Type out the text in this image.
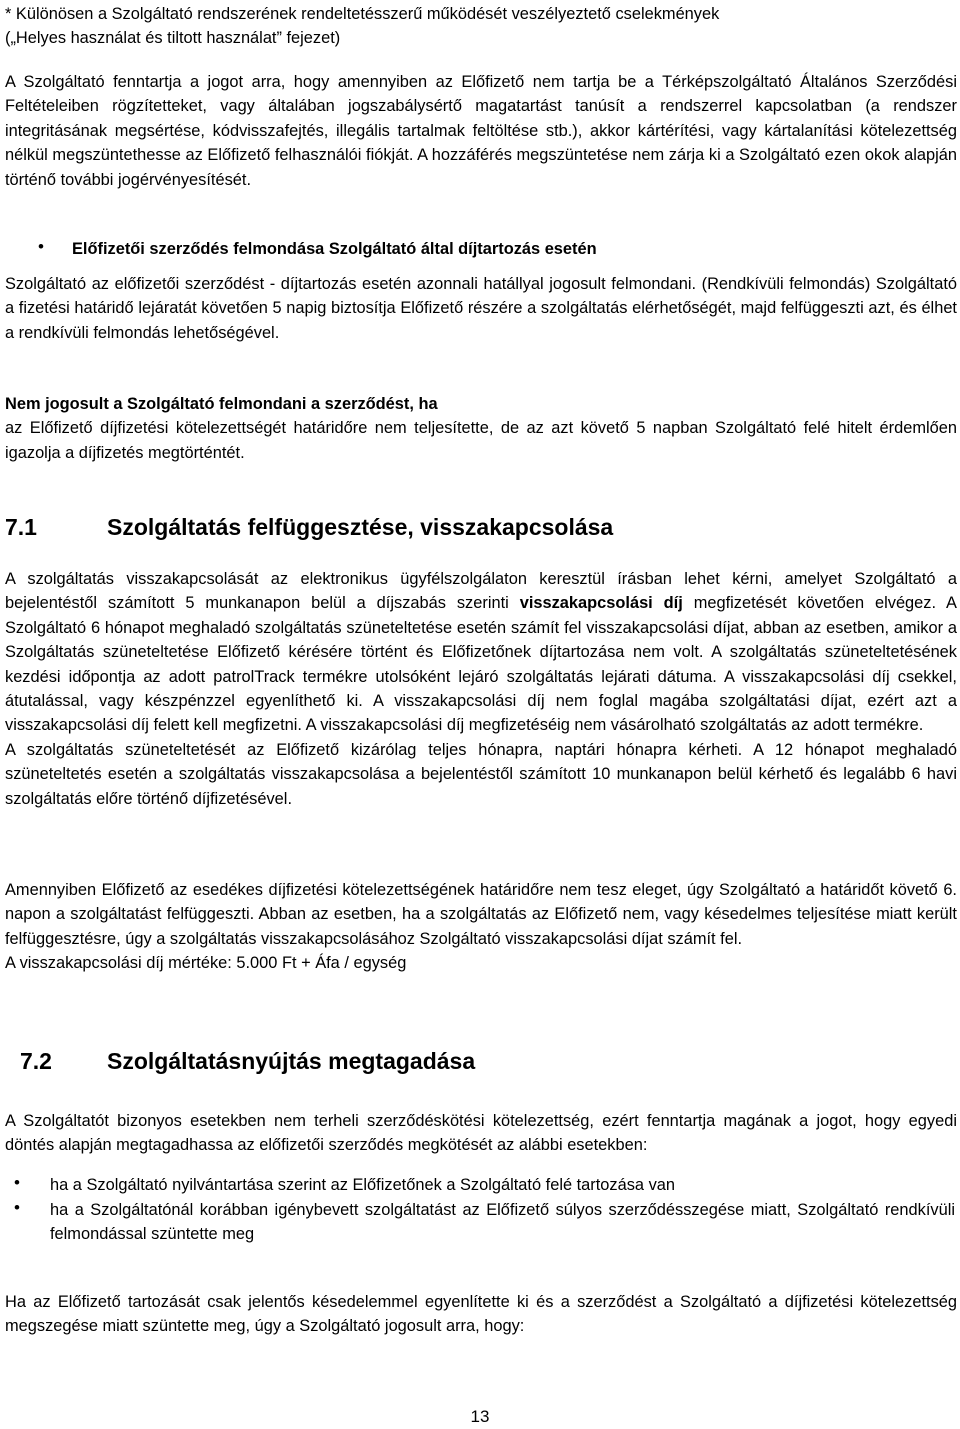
* Különösen a Szolgáltató rendszerének rendeltetésszerű működését veszélyeztető cselekmények

(„Helyes használat és tiltott használat” fejezet)

A Szolgáltató fenntartja a jogot arra, hogy amennyiben az Előfizető nem tartja be a Térképszolgáltató Általános Szerződési Feltételeiben rögzítetteket, vagy általában jogszabálysértő magatartást tanúsít a rendszerrel kapcsolatban (a rendszer integritásának megsértése, kódvisszafejtés, illegális tartalmak feltöltése stb.), akkor kártérítési, vagy kártalanítási kötelezettség nélkül megszüntethesse az Előfizető felhasználói fiókját. A hozzáférés megszüntetése nem zárja ki a Szolgáltató ezen okok alapján történő további jogérvényesítését.

• Előfizetői szerződés felmondása Szolgáltató által díjtartozás esetén

Szolgáltató az előfizetői szerződést - díjtartozás esetén azonnali hatállyal jogosult felmondani. (Rendkívüli felmondás) Szolgáltató a fizetési határidő lejáratát követően 5 napig biztosítja Előfizető részére a szolgáltatás elérhetőségét, majd felfüggeszti azt, és élhet a rendkívüli felmondás lehetőségével.

Nem jogosult a Szolgáltató felmondani a szerződést, ha

az Előfizető díjfizetési kötelezettségét határidőre nem teljesítette, de az azt követő 5 napban Szolgáltató felé hitelt érdemlően igazolja a díjfizetés megtörténtét.

7.1	Szolgáltatás felfüggesztése, visszakapcsolása

A szolgáltatás visszakapcsolását az elektronikus ügyfélszolgálaton keresztül írásban lehet kérni, amelyet Szolgáltató a bejelentéstől számított 5 munkanapon belül a díjszabás szerinti visszakapcsolási díj megfizetését követően elvégez. A Szolgáltató 6 hónapot meghaladó szolgáltatás szüneteltetése esetén számít fel visszakapcsolási díjat, abban az esetben, amikor a Szolgáltatás szüneteltetése Előfizető kérésére történt és Előfizetőnek díjtartozása nem volt. A szolgáltatás szüneteltetésének kezdési időpontja az adott patrolTrack termékre utolsóként lejáró szolgáltatás lejárati dátuma. A visszakapcsolási díj csekkel, átutalással, vagy készpénzzel egyenlíthető ki. A visszakapcsolási díj nem foglal magába szolgáltatási díjat, ezért azt a visszakapcsolási díj felett kell megfizetni. A visszakapcsolási díj megfizetéséig nem vásárolható szolgáltatás az adott termékre.

A szolgáltatás szüneteltetését az Előfizető kizárólag teljes hónapra, naptári hónapra kérheti. A 12 hónapot meghaladó szüneteltetés esetén a szolgáltatás visszakapcsolása a bejelentéstől számított 10 munkanapon belül kérhető és legalább 6 havi szolgáltatás előre történő díjfizetésével.

Amennyiben Előfizető az esedékes díjfizetési kötelezettségének határidőre nem tesz eleget, úgy Szolgáltató a határidőt követő 6. napon a szolgáltatást felfüggeszti. Abban az esetben, ha a szolgáltatás az Előfizető nem, vagy késedelmes teljesítése miatt került felfüggesztésre, úgy a szolgáltatás visszakapcsolásához Szolgáltató visszakapcsolási díjat számít fel.

A visszakapcsolási díj mértéke: 5.000 Ft + Áfa / egység

7.2 Szolgáltatásnyújtás megtagadása

A Szolgáltatót bizonyos esetekben nem terheli szerződéskötési kötelezettség, ezért fenntartja magának a jogot, hogy egyedi döntés alapján megtagadhassa az előfizetői szerződés megkötését az alábbi esetekben:

• ha a Szolgáltató nyilvántartása szerint az Előfizetőnek a Szolgáltató felé tartozása van

• ha a Szolgáltatónál korábban igénybevett szolgáltatást az Előfizető súlyos szerződésszegése miatt, Szolgáltató rendkívüli felmondással szüntette meg

Ha az Előfizető tartozását csak jelentős késedelemmel egyenlítette ki és a szerződést a Szolgáltató a díjfizetési kötelezettség megszegése miatt szüntette meg, úgy a Szolgáltató jogosult arra, hogy:

13
